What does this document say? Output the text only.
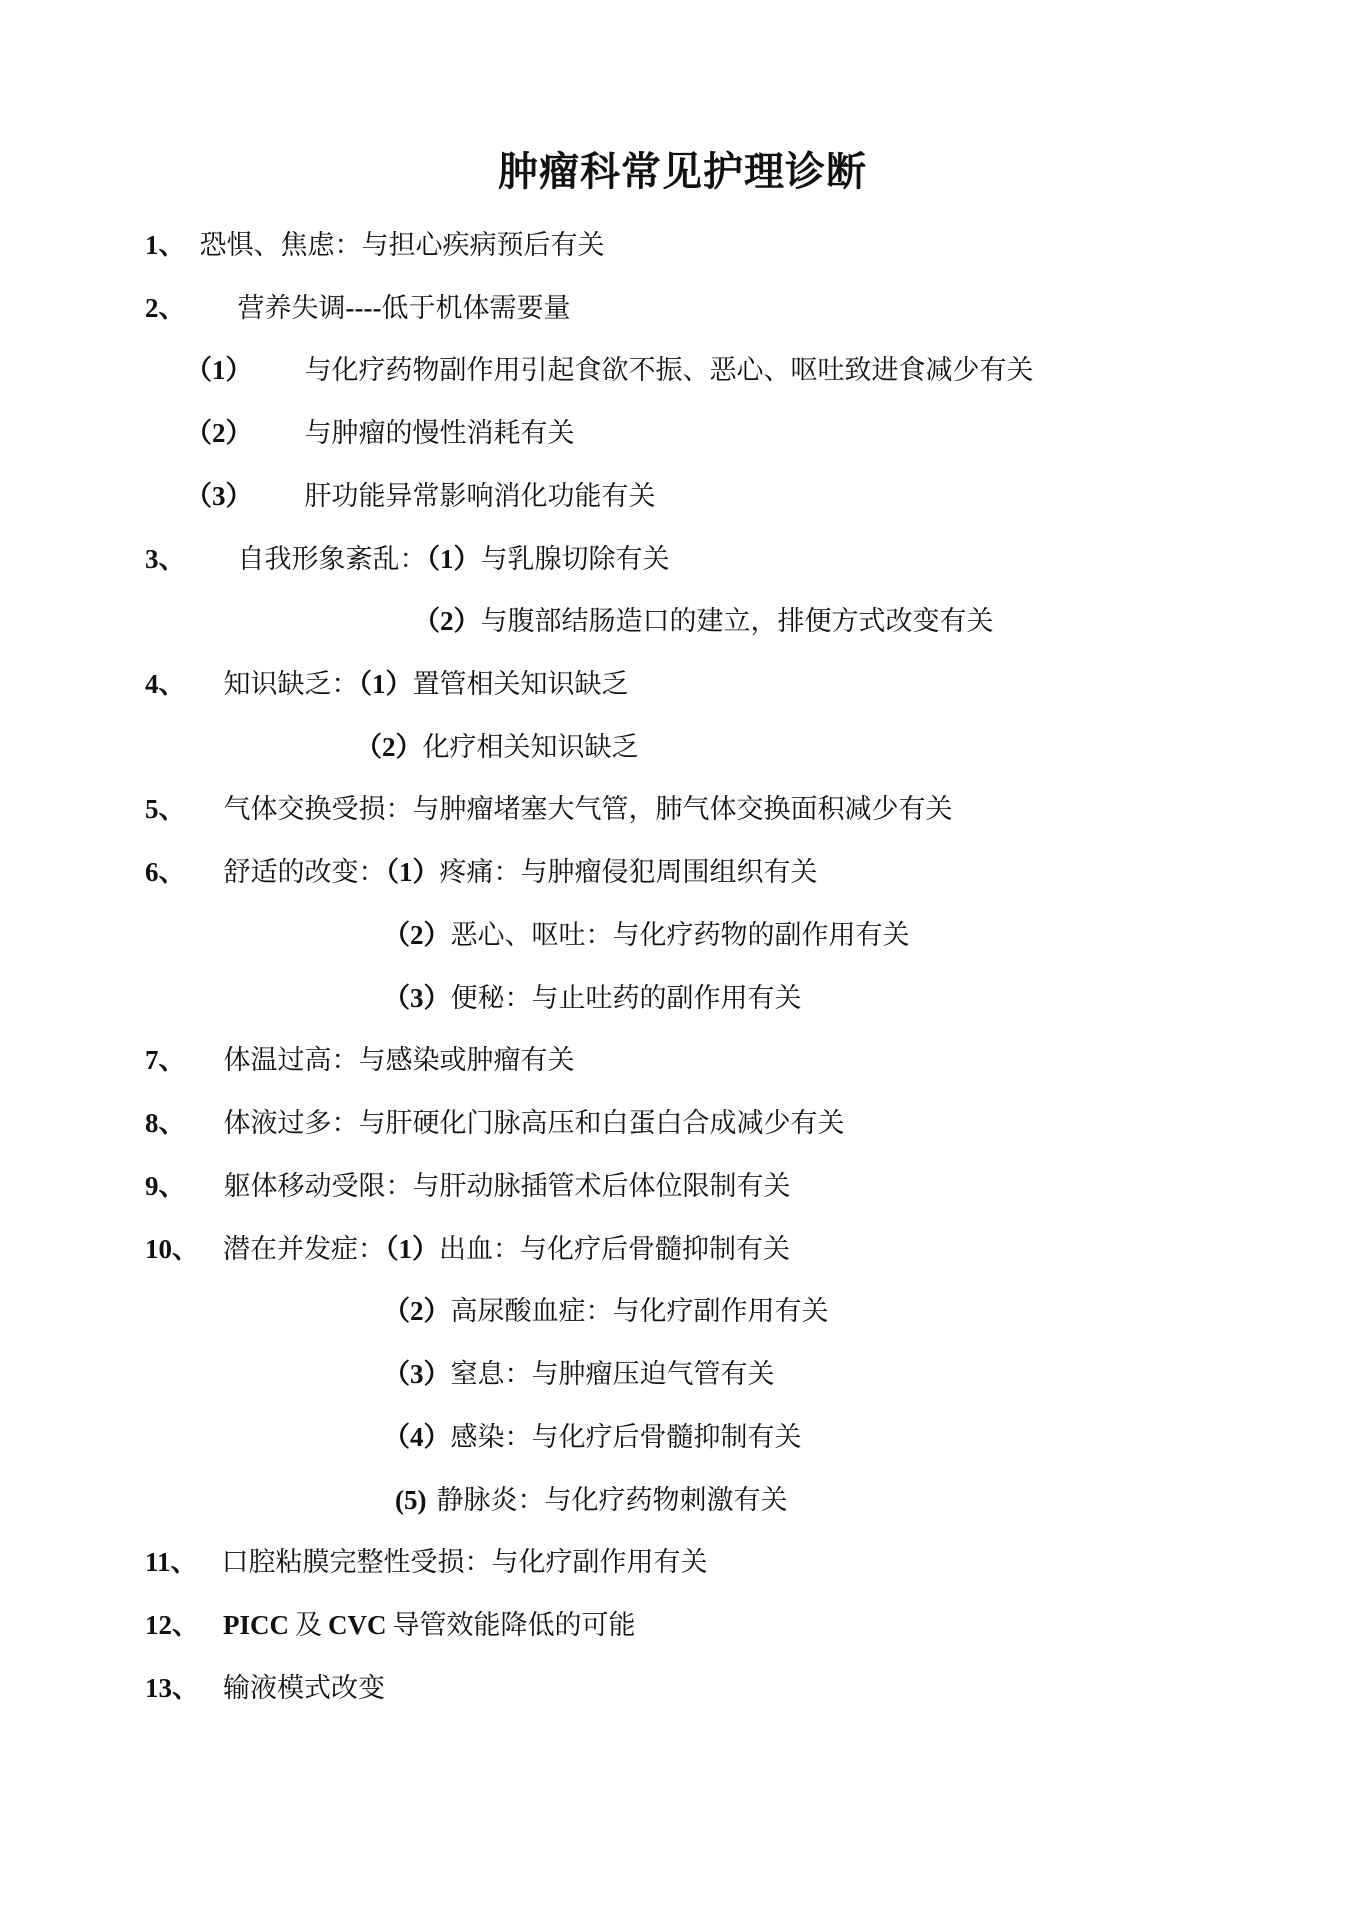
肿瘤科常见护理诊断
1、 恐惧、焦虑：与担心疾病预后有关
2、 营养失调----低于机体需要量
（1） 与化疗药物副作用引起食欲不振、恶心、呕吐致进食减少有关
（2） 与肿瘤的慢性消耗有关
（3） 肝功能异常影响消化功能有关
3、 自我形象紊乱：（1）与乳腺切除有关
（2）与腹部结肠造口的建立，排便方式改变有关
4、 知识缺乏：（1）置管相关知识缺乏
（2）化疗相关知识缺乏
5、 气体交换受损：与肿瘤堵塞大气管，肺气体交换面积减少有关
6、 舒适的改变：（1）疼痛：与肿瘤侵犯周围组织有关
（2）恶心、呕吐：与化疗药物的副作用有关
（3）便秘：与止吐药的副作用有关
7、 体温过高：与感染或肿瘤有关
8、 体液过多：与肝硬化门脉高压和白蛋白合成减少有关
9、 躯体移动受限：与肝动脉插管术后体位限制有关
10、 潜在并发症：（1）出血：与化疗后骨髓抑制有关
（2）高尿酸血症：与化疗副作用有关
（3）窒息：与肿瘤压迫气管有关
（4）感染：与化疗后骨髓抑制有关
(5) 静脉炎：与化疗药物刺激有关
11、 口腔粘膜完整性受损：与化疗副作用有关
12、 PICC 及 CVC 导管效能降低的可能
13、 输液模式改变
